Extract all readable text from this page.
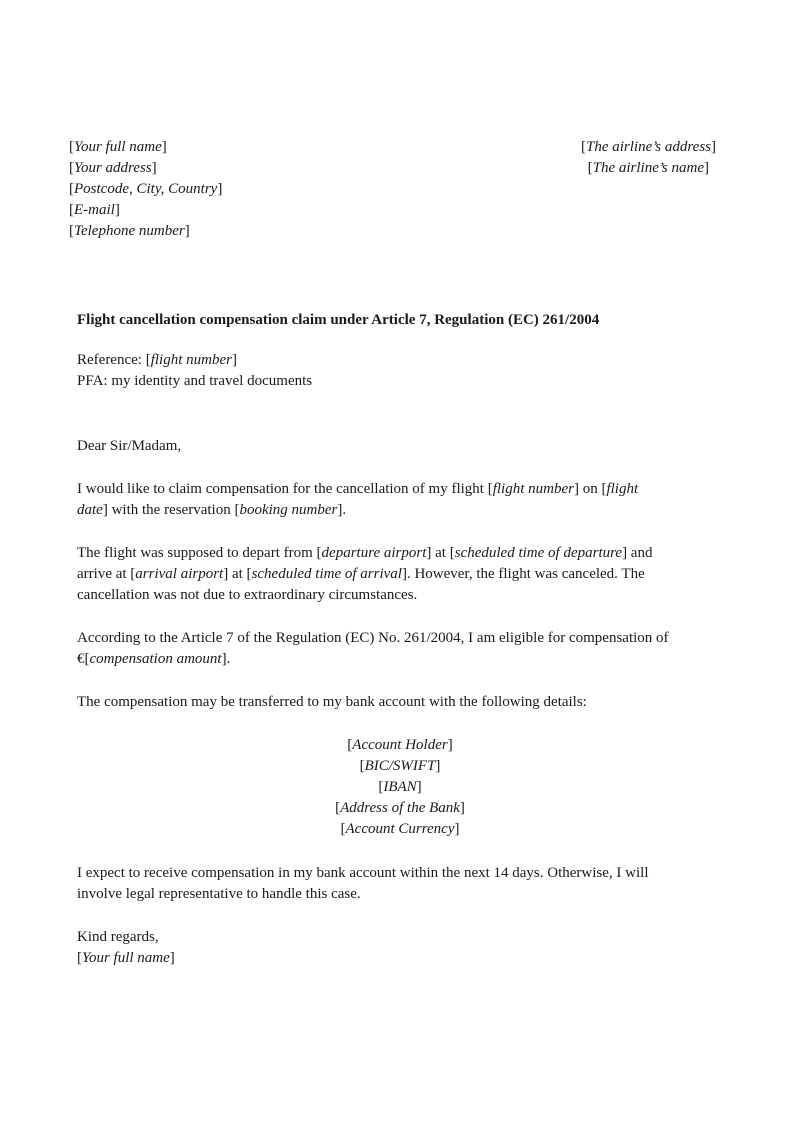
[Your full name]
[Your address]
[Postcode, City, Country]
[E-mail]
[Telephone number]
[The airline’s address]
[The airline’s name]
Flight cancellation compensation claim under Article 7, Regulation (EC) 261/2004
Reference: [flight number]
PFA: my identity and travel documents
Dear Sir/Madam,
I would like to claim compensation for the cancellation of my flight [flight number] on [flight
date] with the reservation [booking number].
The flight was supposed to depart from [departure airport] at [scheduled time of departure] and
arrive at [arrival airport] at [scheduled time of arrival]. However, the flight was canceled. The
cancellation was not due to extraordinary circumstances.
According to the Article 7 of the Regulation (EC) No. 261/2004, I am eligible for compensation of
€[compensation amount].
The compensation may be transferred to my bank account with the following details:
[Account Holder]
[BIC/SWIFT]
[IBAN]
[Address of the Bank]
[Account Currency]
I expect to receive compensation in my bank account within the next 14 days. Otherwise, I will
involve legal representative to handle this case.
Kind regards,
[Your full name]
